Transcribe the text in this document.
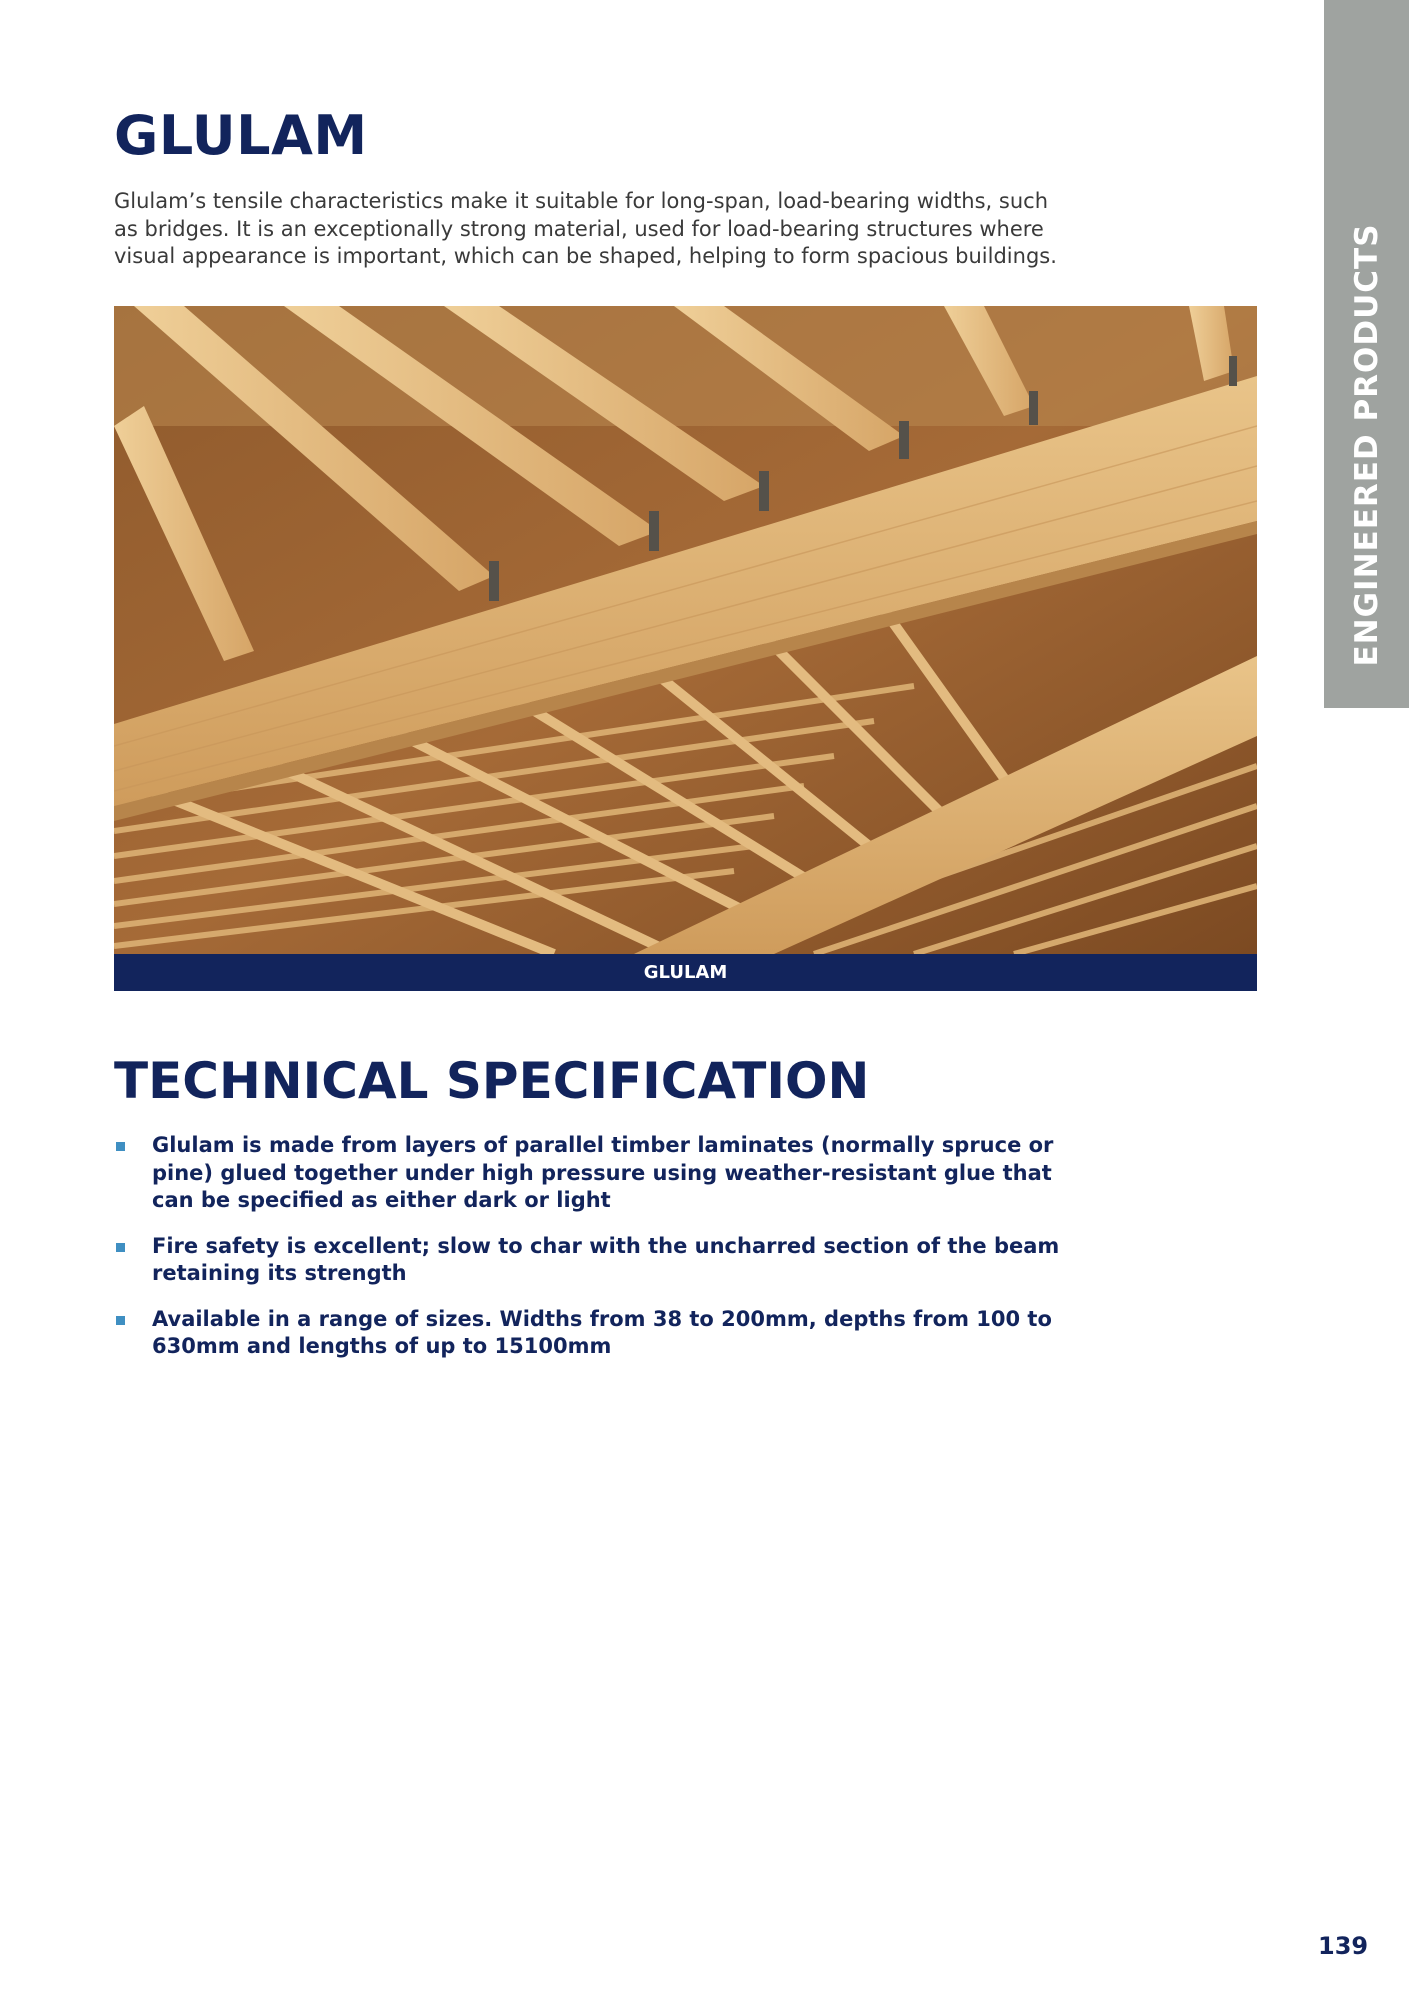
ENGINEERED PRODUCTS
GLULAM

Glulam’s tensile characteristics make it suitable for long-span, load-bearing widths, such as bridges. It is an exceptionally strong material, used for load-bearing structures where visual appearance is important, which can be shaped, helping to form spacious buildings.

GLULAM
TECHNICAL SPECIFICATION
Glulam is made from layers of parallel timber laminates (normally spruce or pine) glued together under high pressure using weather-resistant glue that can be specified as either dark or light
Fire safety is excellent; slow to char with the uncharred section of the beam retaining its strength
Available in a range of sizes. Widths from 38 to 200mm, depths from 100 to 630mm and lengths of up to 15100mm
139
